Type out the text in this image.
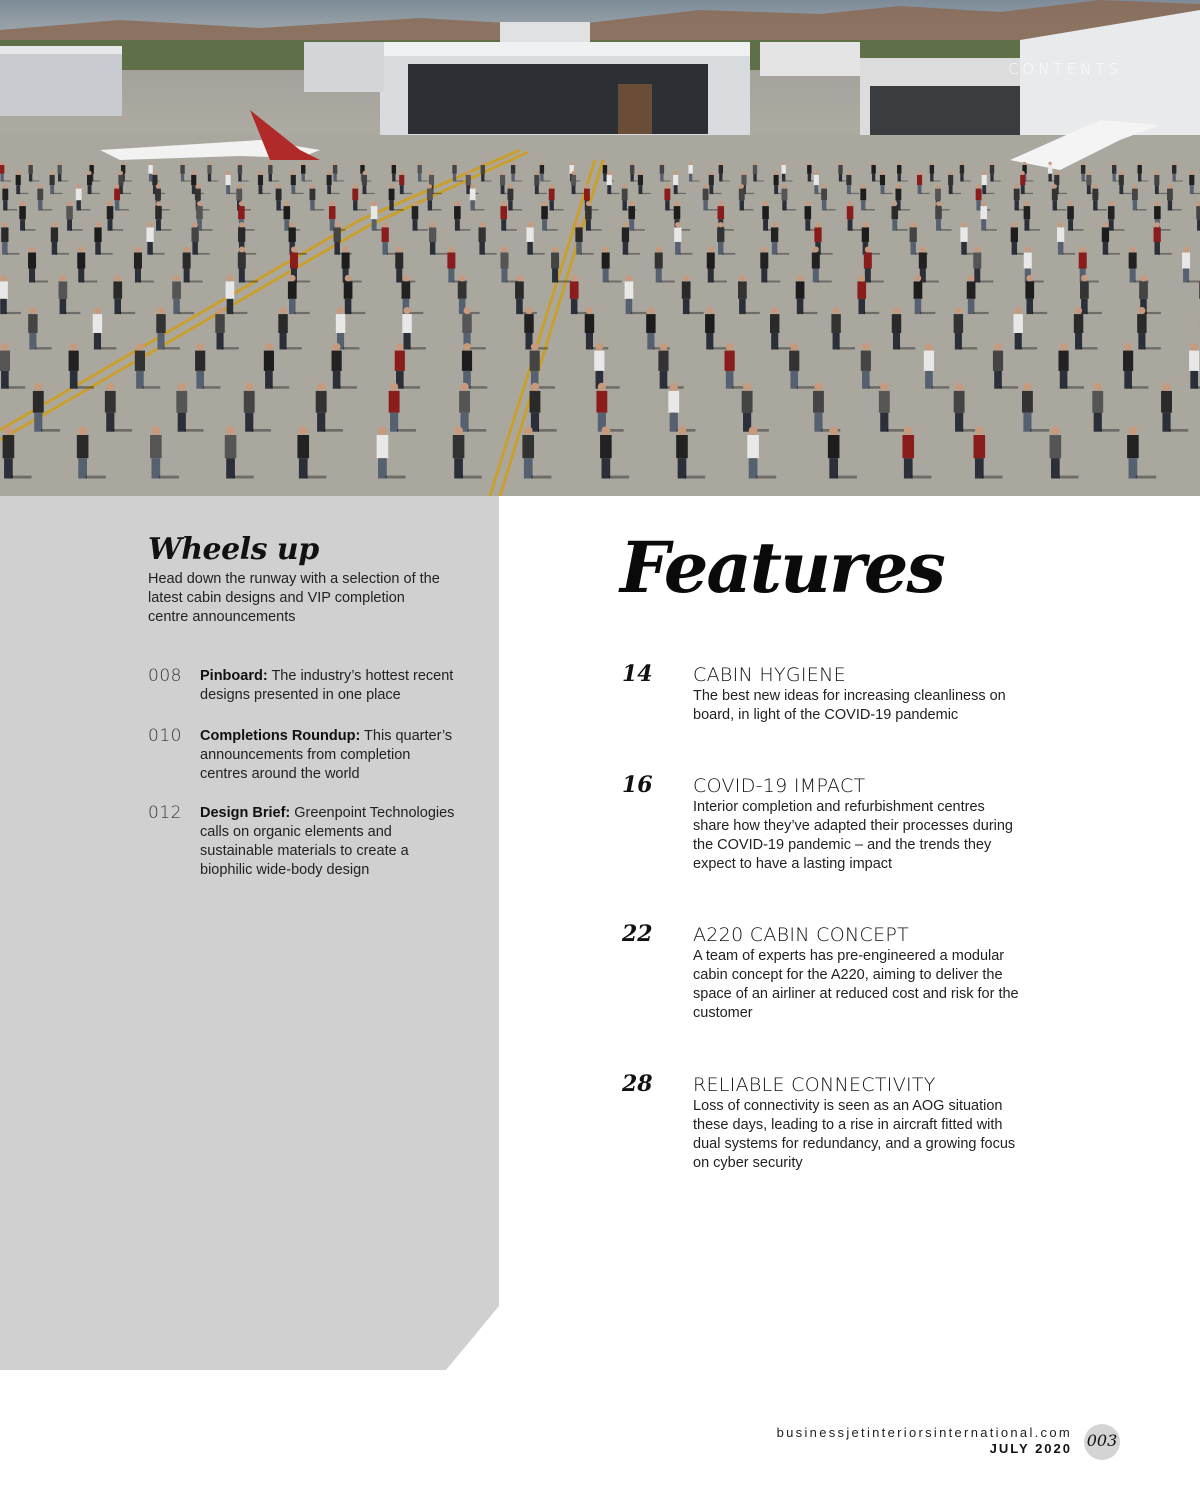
CONTENTS
Wheels up
Head down the runway with a selection of the latest cabin designs and VIP completion centre announcements
008 Pinboard: The industry’s hottest recent designs presented in one place
010 Completions Roundup: This quarter’s announcements from completion centres around the world
012 Design Brief: Greenpoint Technologies calls on organic elements and sustainable materials to create a biophilic wide-body design
Features
14 CABIN HYGIENE
The best new ideas for increasing cleanliness on board, in light of the COVID-19 pandemic
16 COVID-19 IMPACT
Interior completion and refurbishment centres share how they’ve adapted their processes during the COVID-19 pandemic – and the trends they expect to have a lasting impact
22 A220 CABIN CONCEPT
A team of experts has pre-engineered a modular cabin concept for the A220, aiming to deliver the space of an airliner at reduced cost and risk for the customer
28 RELIABLE CONNECTIVITY
Loss of connectivity is seen as an AOG situation these days, leading to a rise in aircraft fitted with dual systems for redundancy, and a growing focus on cyber security
businessjetinteriorsinternational.com
JULY 2020 003
